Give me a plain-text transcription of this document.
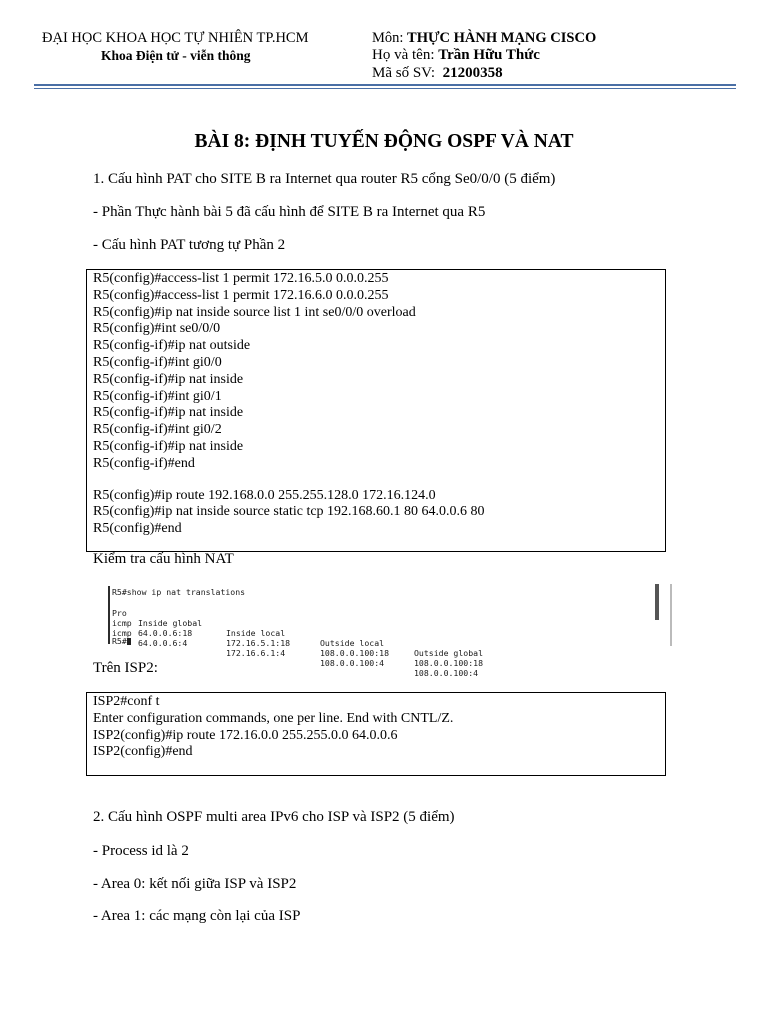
ĐẠI HỌC KHOA HỌC TỰ NHIÊN TP.HCM
Khoa Điện tử - viễn thông
Môn: THỰC HÀNH MẠNG CISCO
Họ và tên: Trần Hữu Thức
Mã số SV: 21200358
BÀI 8: ĐỊNH TUYẾN ĐỘNG OSPF VÀ NAT
1. Cấu hình PAT cho SITE B ra Internet qua router R5 cổng Se0/0/0 (5 điểm)
- Phần Thực hành bài 5 đã cấu hình để SITE B ra Internet qua R5
- Cấu hình PAT tương tự Phần 2
R5(config)#access-list 1 permit 172.16.5.0 0.0.0.255
R5(config)#access-list 1 permit 172.16.6.0 0.0.0.255
R5(config)#ip nat inside source list 1 int se0/0/0 overload
R5(config)#int se0/0/0
R5(config-if)#ip nat outside
R5(config-if)#int gi0/0
R5(config-if)#ip nat inside
R5(config-if)#int gi0/1
R5(config-if)#ip nat inside
R5(config-if)#int gi0/2
R5(config-if)#ip nat inside
R5(config-if)#end
R5(config)#ip route 192.168.0.0 255.255.128.0 172.16.124.0
R5(config)#ip nat inside source static tcp 192.168.60.1 80 64.0.0.6 80
R5(config)#end
Kiểm tra cấu hình NAT
R5#show ip nat translations

Pro

Inside global

Inside local

Outside local

Outside global

icmp

64.0.0.6:18

172.16.5.1:18

108.0.0.100:18

108.0.0.100:18

icmp

64.0.0.6:4

172.16.6.1:4

108.0.0.100:4

108.0.0.100:4

R5#
Trên ISP2:
ISP2#conf t
Enter configuration commands, one per line. End with CNTL/Z.
ISP2(config)#ip route 172.16.0.0 255.255.0.0 64.0.0.6
ISP2(config)#end
2. Cấu hình OSPF multi area IPv6 cho ISP và ISP2 (5 điểm)
- Process id là 2
- Area 0: kết nối giữa ISP và ISP2
- Area 1: các mạng còn lại của ISP
